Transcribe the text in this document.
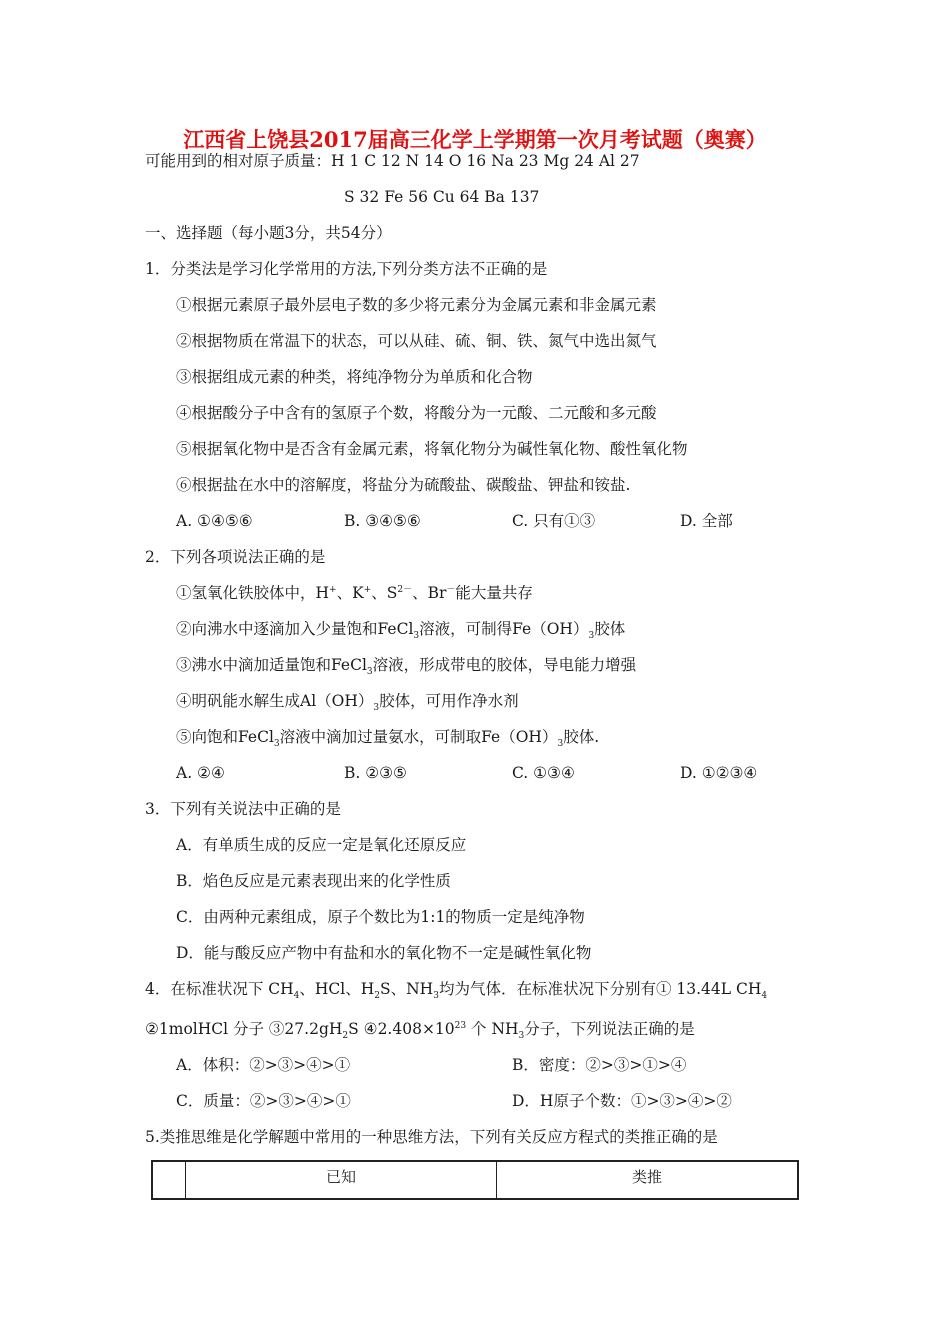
江西省上饶县2017届高三化学上学期第一次月考试题（奥赛）
可能用到的相对原子质量：H 1 C 12 N 14 O 16 Na 23 Mg 24 Al 27
S 32 Fe 56 Cu 64 Ba 137
一、选择题（每小题3分，共54分）
1．分类法是学习化学常用的方法,下列分类方法不正确的是
①根据元素原子最外层电子数的多少将元素分为金属元素和非金属元素
②根据物质在常温下的状态，可以从硅、硫、铜、铁、氮气中选出氮气
③根据组成元素的种类，将纯净物分为单质和化合物
④根据酸分子中含有的氢原子个数，将酸分为一元酸、二元酸和多元酸
⑤根据氧化物中是否含有金属元素，将氧化物分为碱性氧化物、酸性氧化物
⑥根据盐在水中的溶解度，将盐分为硫酸盐、碳酸盐、钾盐和铵盐.
A. ①④⑤⑥	B. ③④⑤⑥	C. 只有①③	D. 全部
2．下列各项说法正确的是
①氢氧化铁胶体中，H+、K+、$S^{2-}$、Br－能大量共存
②向沸水中逐滴加入少量饱和FeCl$_3$溶液，可制得$Fe(OH)_3$胶体
③沸水中滴加适量饱和FeCl$_3$溶液，形成带电的胶体，导电能力增强
④明矾能水解生成$Al(OH)_3$胶体，可用作净水剂
⑤向饱和FeCl$_3$溶液中滴加过量氨水，可制取$Fe(OH)_3$胶体.
A. ②④	B. ②③⑤	C. ①③④	D. ①②③④
3．下列有关说法中正确的是
A．有单质生成的反应一定是氧化还原反应
B．焰色反应是元素表现出来的化学性质
C．由两种元素组成，原子个数比为1:1的物质一定是纯净物
D．能与酸反应产物中有盐和水的氧化物不一定是碱性氧化物
4．在标准状况下 $CH_4$、HCl、$H_2S$、$NH_3$均为气体．在标准状况下分别有① 13.44L $CH_4$
②1molHCl 分子 $③27.2gH_2S$ $④2.408\times 10^{23}$ 个 $NH_3$分子，下列说法正确的是
A．体积：②>③>④>①	B．密度：②>③>①>④
C．质量：②>③>④>①	D．H原子个数：①>③>④>②
5.类推思维是化学解题中常用的一种思维方法，下列有关反应方程式的类推正确的是
	已知	类推
